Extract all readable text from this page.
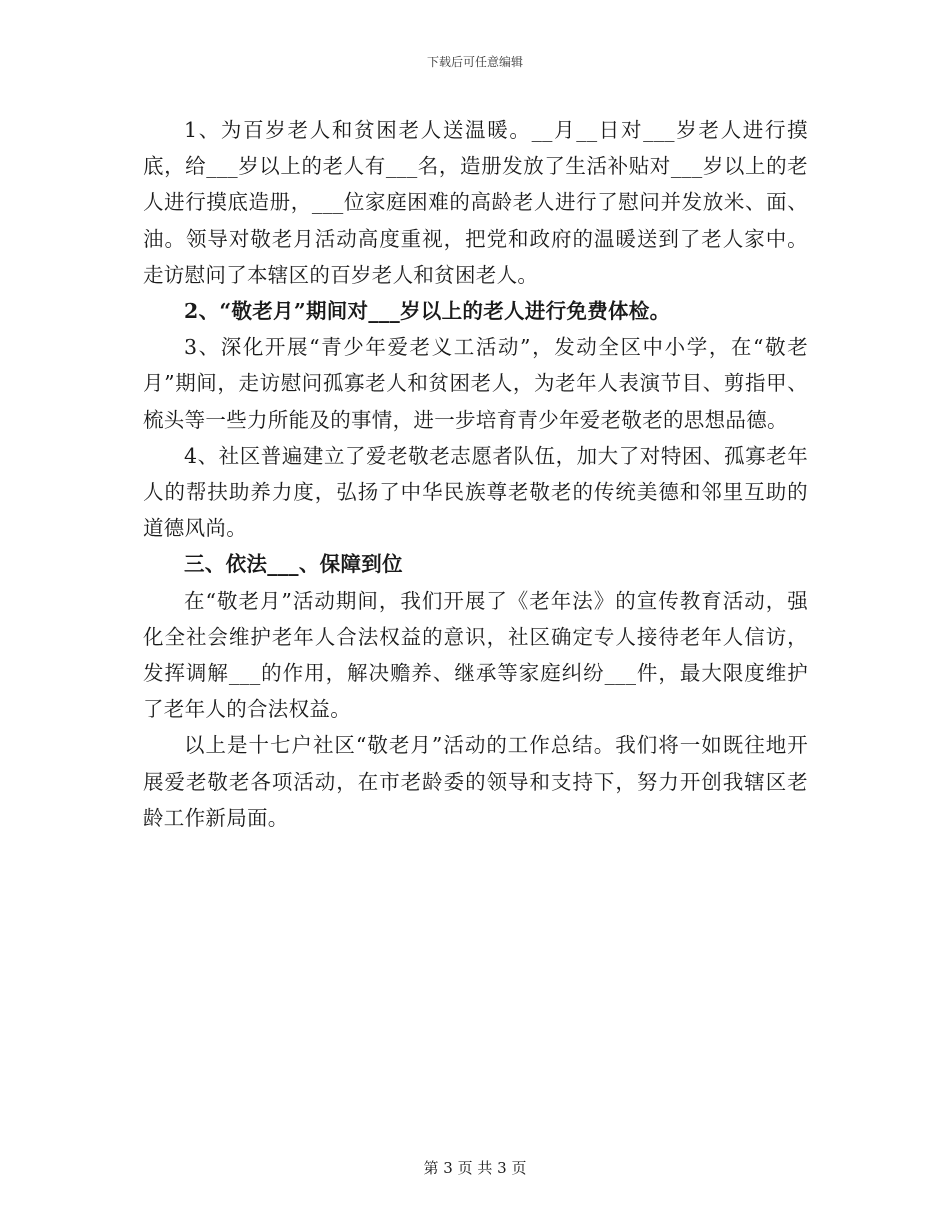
下载后可任意编辑

1、为百岁老人和贫困老人送温暖。__月__日对___岁老人进行摸底，给___岁以上的老人有___名，造册发放了生活补贴对___岁以上的老人进行摸底造册，___位家庭困难的高龄老人进行了慰问并发放米、面、油。领导对敬老月活动高度重视，把党和政府的温暖送到了老人家中。走访慰问了本辖区的百岁老人和贫困老人。

2、“敬老月”期间对___岁以上的老人进行免费体检。

3、深化开展“青少年爱老义工活动”，发动全区中小学，在“敬老月”期间，走访慰问孤寡老人和贫困老人，为老年人表演节目、剪指甲、梳头等一些力所能及的事情，进一步培育青少年爱老敬老的思想品德。

4、社区普遍建立了爱老敬老志愿者队伍，加大了对特困、孤寡老年人的帮扶助养力度，弘扬了中华民族尊老敬老的传统美德和邻里互助的道德风尚。

三、依法___、保障到位

在“敬老月”活动期间，我们开展了《老年法》的宣传教育活动，强化全社会维护老年人合法权益的意识，社区确定专人接待老年人信访，发挥调解___的作用，解决赡养、继承等家庭纠纷___件，最大限度维护了老年人的合法权益。

以上是十七户社区“敬老月”活动的工作总结。我们将一如既往地开展爱老敬老各项活动，在市老龄委的领导和支持下，努力开创我辖区老龄工作新局面。

第 3 页 共 3 页
